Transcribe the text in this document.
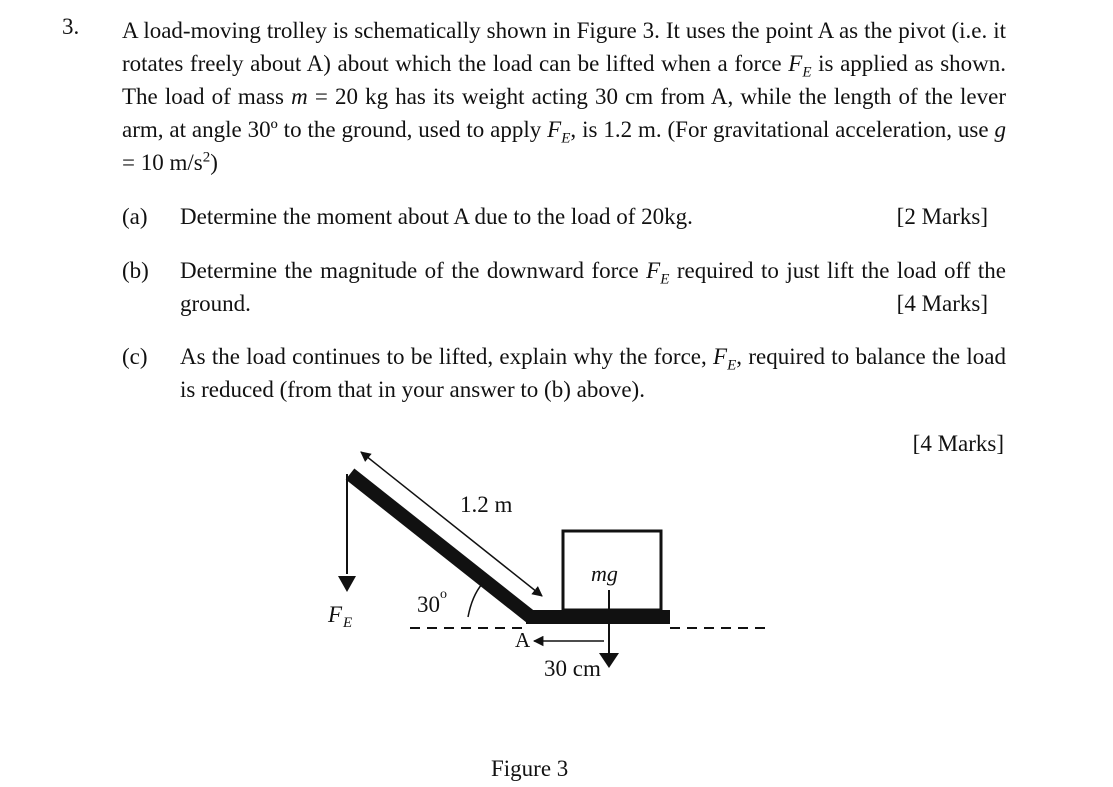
3. A load-moving trolley is schematically shown in Figure 3. It uses the point A as the pivot (i.e. it rotates freely about A) about which the load can be lifted when a force $F_E$ is applied as shown. The load of mass m = 20 kg has its weight acting 30 cm from A, while the length of the lever arm, at angle 30º to the ground, used to apply $F_E$, is 1.2 m. (For gravitational acceleration, use g = 10 $m/s^2$)
(a) Determine the moment about A due to the load of 20kg.	[2 Marks]
(b) Determine the magnitude of the downward force $F_E$ required to just lift the load off the ground.	[4 Marks]
(c) As the load continues to be lifted, explain why the force, $F_E$, required to balance the load is reduced (from that in your answer to (b) above).
[4 Marks]
1.2 m
30 o
F E
A
30 cm
mg
Figure 3
